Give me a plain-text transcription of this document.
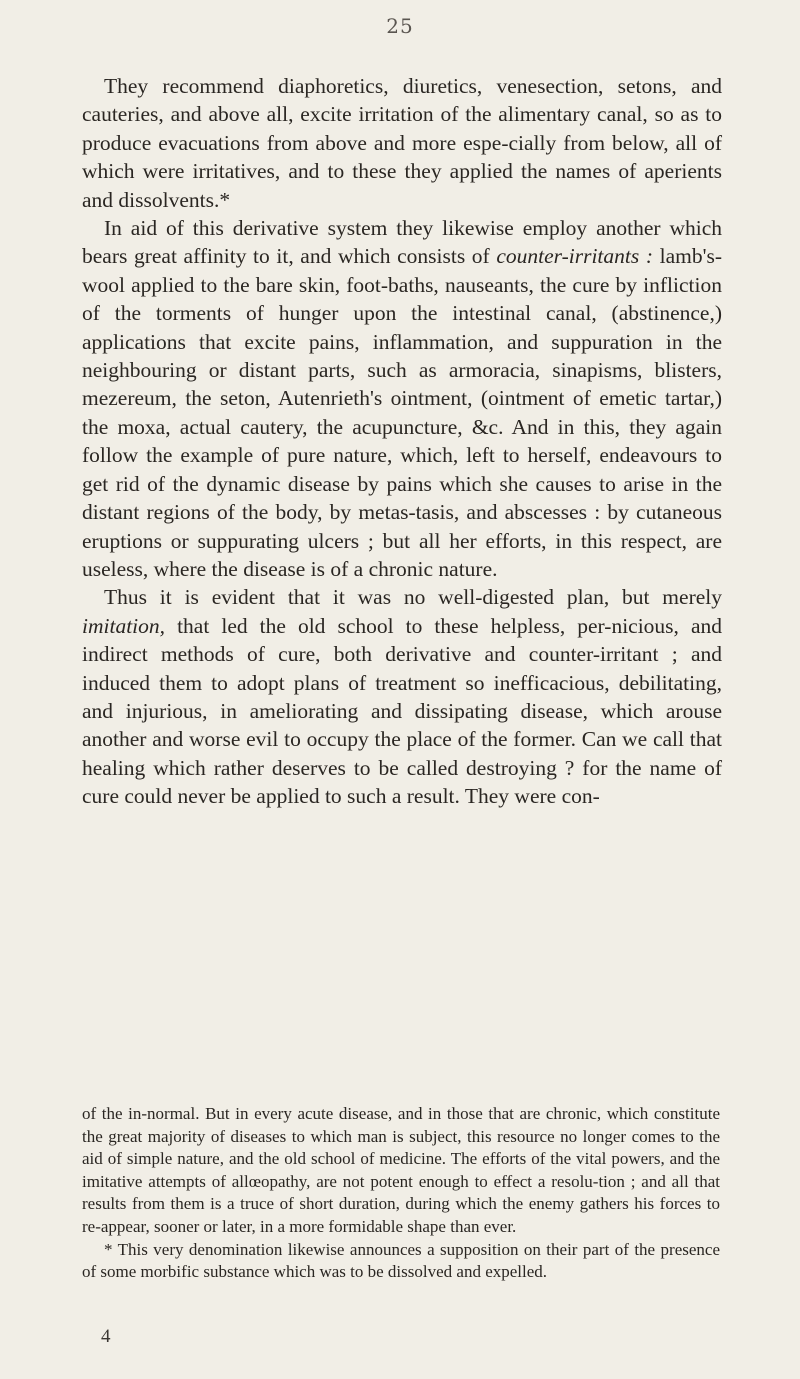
25

They recommend diaphoretics, diuretics, venesection, setons, and cauteries, and above all, excite irritation of the alimentary canal, so as to produce evacuations from above and more espe-cially from below, all of which were irritatives, and to these they applied the names of aperients and dissolvents.*

In aid of this derivative system they likewise employ another which bears great affinity to it, and which consists of counter-irritants : lamb's-wool applied to the bare skin, foot-baths, nauseants, the cure by infliction of the torments of hunger upon the intestinal canal, (abstinence,) applications that excite pains, inflammation, and suppuration in the neighbouring or distant parts, such as armoracia, sinapisms, blisters, mezereum, the seton, Autenrieth's ointment, (ointment of emetic tartar,) the moxa, actual cautery, the acupuncture, &c. And in this, they again follow the example of pure nature, which, left to herself, endeavours to get rid of the dynamic disease by pains which she causes to arise in the distant regions of the body, by metas-tasis, and abscesses : by cutaneous eruptions or suppurating ulcers ; but all her efforts, in this respect, are useless, where the disease is of a chronic nature.

Thus it is evident that it was no well-digested plan, but merely imitation, that led the old school to these helpless, per-nicious, and indirect methods of cure, both derivative and counter-irritant ; and induced them to adopt plans of treatment so inefficacious, debilitating, and injurious, in ameliorating and dissipating disease, which arouse another and worse evil to occupy the place of the former. Can we call that healing which rather deserves to be called destroying ? for the name of cure could never be applied to such a result. They were con-

of the in-normal. But in every acute disease, and in those that are chronic, which constitute the great majority of diseases to which man is subject, this resource no longer comes to the aid of simple nature, and the old school of medicine. The efforts of the vital powers, and the imitative attempts of allœopathy, are not potent enough to effect a resolu-tion ; and all that results from them is a truce of short duration, during which the enemy gathers his forces to re-appear, sooner or later, in a more formidable shape than ever.

* This very denomination likewise announces a supposition on their part of the presence of some morbific substance which was to be dissolved and expelled.

4
